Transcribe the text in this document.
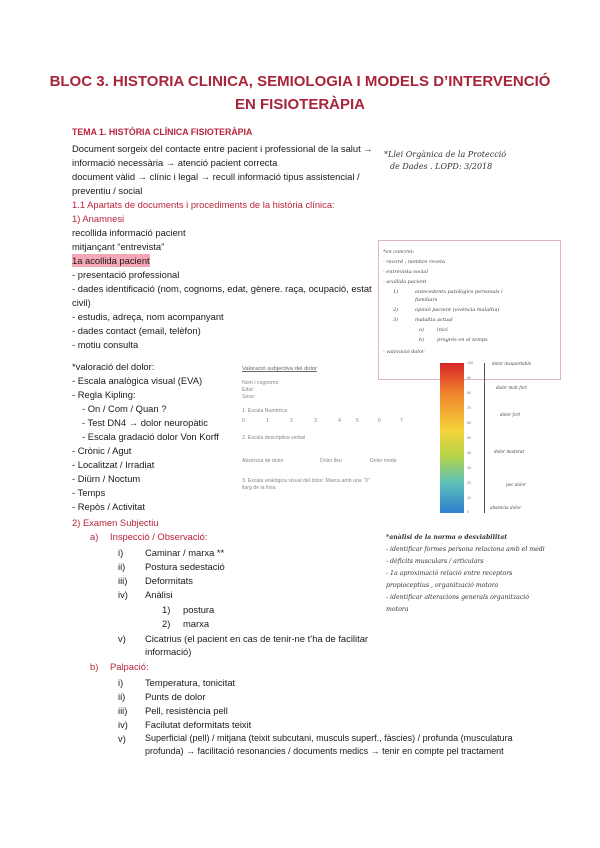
BLOC 3. HISTORIA CLINICA, SEMIOLOGIA I MODELS D’INTERVENCIÓ EN FISIOTERÀPIA
TEMA 1. HISTÒRIA CLÍNICA FISIOTERÀPIA
Document sorgeix del contacte entre pacient i professional de la salut →
informació necessària → atenció pacient correcta
document vàlid → clínic i legal → recull informació tipus assistencial /
preventiu / social
1.1 Apartats de documents i procediments de la història clínica:
1) Anamnesi
recollida informació pacient
mitjançant “entrevista”
1a acollida pacient
- presentació professional
- dades identificació (nom, cognoms, edat, gènere. raça, ocupació, estat
civil)
- estudis, adreça, nom acompanyant
- dades contact (email, telèfon)
- motiu consulta
*valoració del dolor:
- Escala analògica visual (EVA)
- Regla Kipling:
- On / Com / Quan ?
- Test DN4 → dolor neuropàtic
- Escala gradació dolor Von Korff
- Crònic / Agut
- Localitzat / Irradiat
- Diürn / Noctum
- Temps
- Repòs / Activitat
2) Examen Subjectiu
a) Inspecció / Observació:
i) Caminar / marxa **
ii) Postura sedestació
iii) Deformitats
iv) Anàlisi
1) postura
2) marxa
v) Cicatrius (el pacient en cas de tenir-ne t’ha de facilitar
informació)
b) Palpació:
i) Temperatura, tonicitat
ii) Punts de dolor
iii) Pell, resistència pell
iv) Facilutat deformitats teixit
v) Superficial (pell) / mitjana (teixit subcutani, musculs superf., fàscies) / profunda (musculatura
profunda) → facilitació resonancies / documents medics → tenir en compte pel tractament
*Llei Orgànica de la Protecció
de Dades . LOPD: 3/2018
*en concret:
- record : nombre receta
- entrevista social
- acollida pacient
1)	antecedents patològics personals i
familiars
2)	opinió pacient (vivència malaltia)
3)	malaltia actual
a)	inici
b)	progrés en el temps
- valoració dolor
Valoració subjectiva del dolor
Nom i cognoms:
Edat:
Sexe:
1. Escala Numèrica
0	1	2	3	4	5	6	7
2. Escala descriptiva verbal
Absència de dolor	Dolor lleu	Dolor mode
3. Escala analògica visual del dolor. Marca amb una “X”
llarg de la línia
100
90
80
70
60
50
40
30
20
10
0
dolor insuportable
dolor molt fort
dolor fort
dolor moderat
poc dolor
absència dolor
*anàlisi de la norma o desviabilitat
- identificar formes persona relaciona amb el medi
- dèficits musculars / articulars
- 1a aproximació relació entre receptors
propioceptius , organització motora
- identificar alteracions generals organització
motora
